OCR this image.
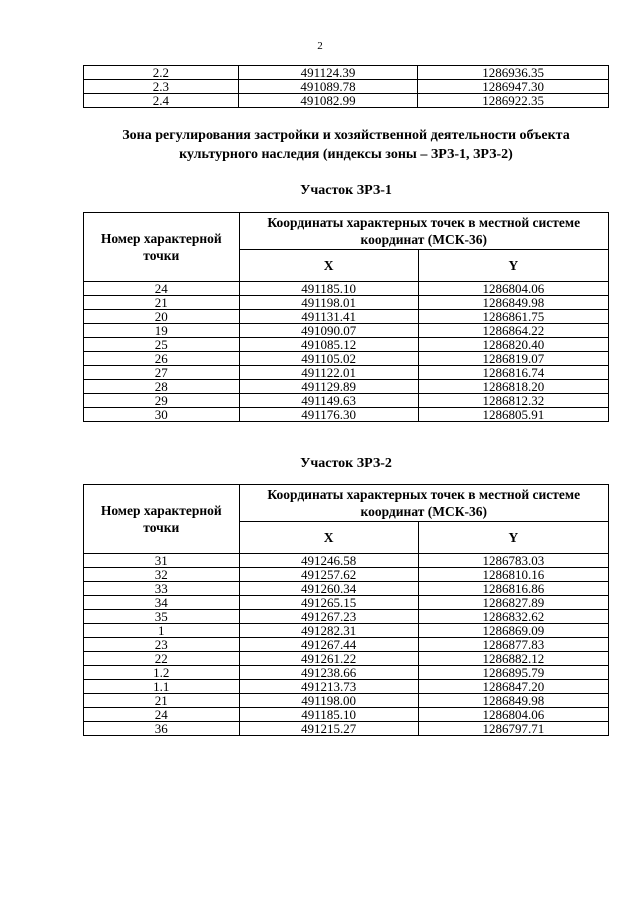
2
2.2	491124.39	1286936.35
2.3	491089.78	1286947.30
2.4	491082.99	1286922.35
Зона регулирования застройки и хозяйственной деятельности объекта культурного наследия (индексы зоны – ЗРЗ-1, ЗРЗ-2)
Участок ЗРЗ-1
Номер характерной точки	Координаты характерных точек в местной системе координат (МСК-36)	
	X	Y
24	491185.10	1286804.06
21	491198.01	1286849.98
20	491131.41	1286861.75
19	491090.07	1286864.22
25	491085.12	1286820.40
26	491105.02	1286819.07
27	491122.01	1286816.74
28	491129.89	1286818.20
29	491149.63	1286812.32
30	491176.30	1286805.91
Участок ЗРЗ-2
Номер характерной точки	Координаты характерных точек в местной системе координат (МСК-36)	
	X	Y
31	491246.58	1286783.03
32	491257.62	1286810.16
33	491260.34	1286816.86
34	491265.15	1286827.89
35	491267.23	1286832.62
1	491282.31	1286869.09
23	491267.44	1286877.83
22	491261.22	1286882.12
1.2	491238.66	1286895.79
1.1	491213.73	1286847.20
21	491198.00	1286849.98
24	491185.10	1286804.06
36	491215.27	1286797.71
